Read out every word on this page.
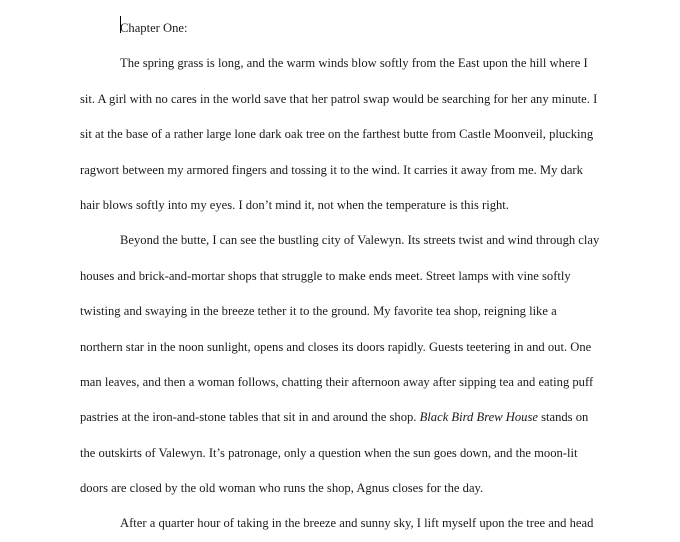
Chapter One:
The spring grass is long, and the warm winds blow softly from the East upon the hill where I
sit. A girl with no cares in the world save that her patrol swap would be searching for her any minute. I
sit at the base of a rather large lone dark oak tree on the farthest butte from Castle Moonveil, plucking
ragwort between my armored fingers and tossing it to the wind. It carries it away from me. My dark
hair blows softly into my eyes. I don’t mind it, not when the temperature is this right.
Beyond the butte, I can see the bustling city of Valewyn. Its streets twist and wind through clay
houses and brick-and-mortar shops that struggle to make ends meet. Street lamps with vine softly
twisting and swaying in the breeze tether it to the ground. My favorite tea shop, reigning like a
northern star in the noon sunlight, opens and closes its doors rapidly. Guests teetering in and out. One
man leaves, and then a woman follows, chatting their afternoon away after sipping tea and eating puff
pastries at the iron-and-stone tables that sit in and around the shop. Black Bird Brew House stands on
the outskirts of Valewyn. It’s patronage, only a question when the sun goes down, and the moon-lit
doors are closed by the old woman who runs the shop, Agnus closes for the day.
After a quarter hour of taking in the breeze and sunny sky, I lift myself upon the tree and head
